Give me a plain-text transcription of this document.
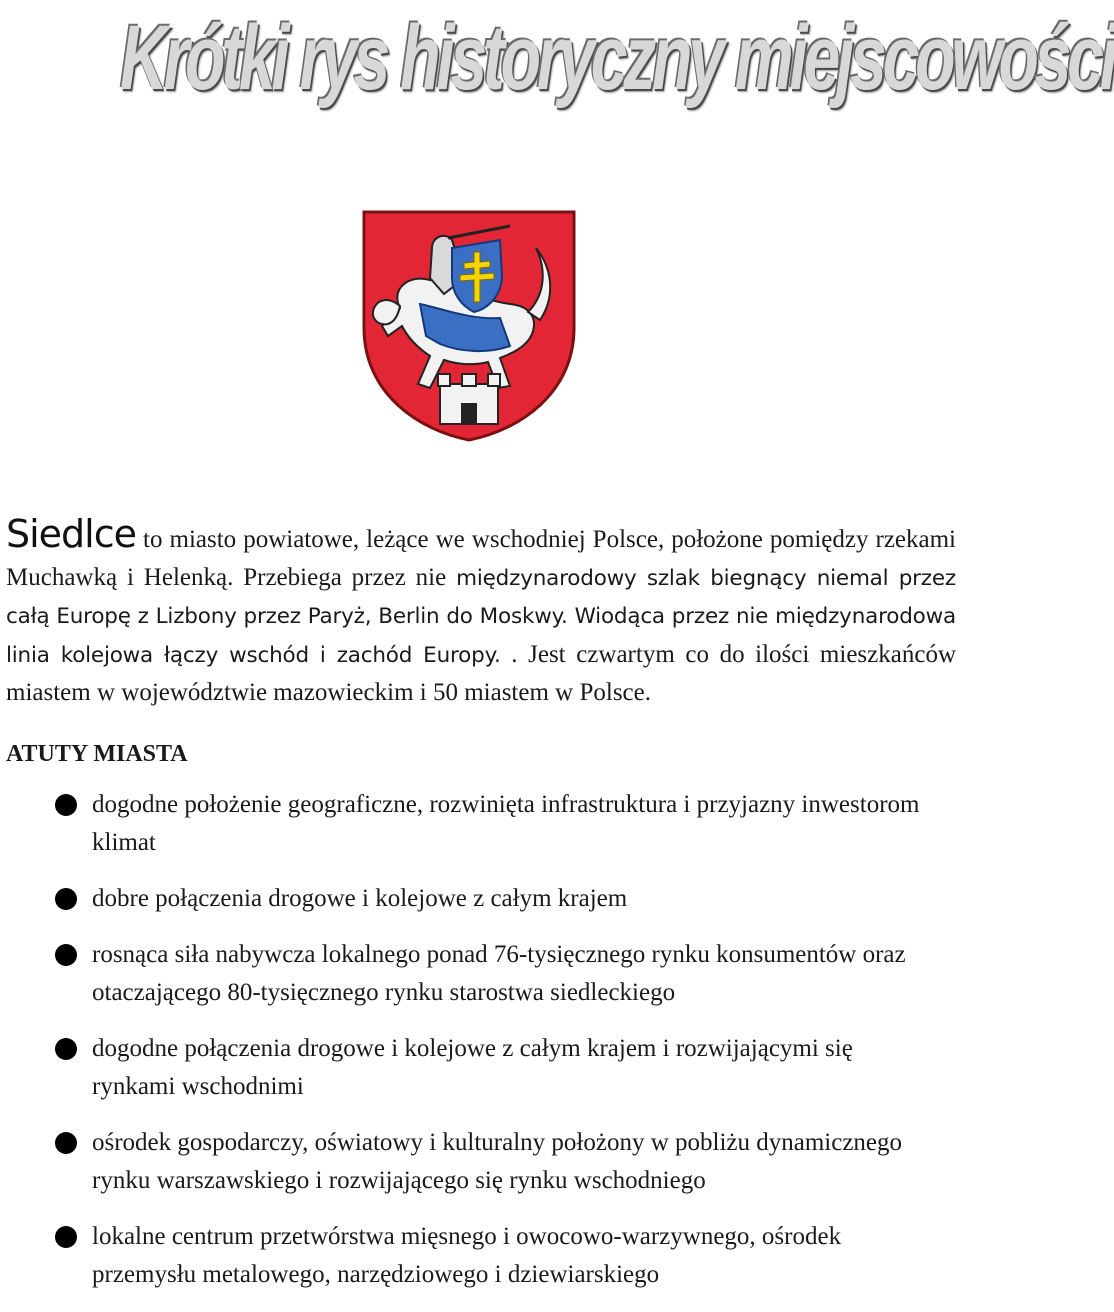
Krótki rys historyczny miejscowości
Siedlce to miasto powiatowe, leżące we wschodniej Polsce, położone pomiędzy rzekami Muchawką i Helenką. Przebiega przez nie międzynarodowy szlak biegnący niemal przez całą Europę z Lizbony przez Paryż, Berlin do Moskwy. Wiodąca przez nie międzynarodowa linia kolejowa łączy wschód i zachód Europy. . Jest czwartym co do ilości mieszkańców miastem w województwie mazowieckim i 50 miastem w Polsce.
ATUTY MIASTA
dogodne położenie geograficzne, rozwinięta infrastruktura i przyjazny inwestorom klimat
dobre połączenia drogowe i kolejowe z całym krajem
rosnąca siła nabywcza lokalnego ponad 76-tysięcznego rynku konsumentów oraz otaczającego 80-tysięcznego rynku starostwa siedleckiego
dogodne połączenia drogowe i kolejowe z całym krajem i rozwijającymi się rynkami wschodnimi
ośrodek gospodarczy, oświatowy i kulturalny położony w pobliżu dynamicznego rynku warszawskiego i rozwijającego się rynku wschodniego
lokalne centrum przetwórstwa mięsnego i owocowo-warzywnego, ośrodek przemysłu metalowego, narzędziowego i dziewiarskiego
